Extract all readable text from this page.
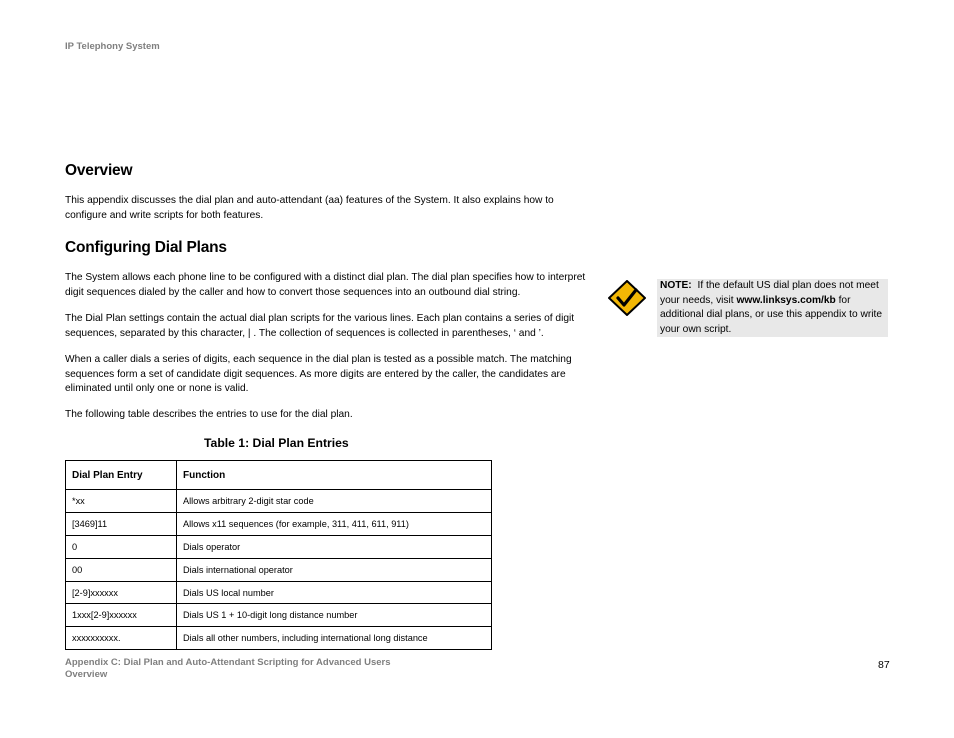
IP Telephony System
Overview

This appendix discusses the dial plan and auto-attendant (aa) features of the System. It also explains how to configure and write scripts for both features.

Configuring Dial Plans

The System allows each phone line to be configured with a distinct dial plan. The dial plan specifies how to interpret digit sequences dialed by the caller and how to convert those sequences into an outbound dial string.

The Dial Plan settings contain the actual dial plan scripts for the various lines. Each plan contains a series of digit sequences, separated by this character, | . The collection of sequences is collected in parentheses, ‘ and ’.

When a caller dials a series of digits, each sequence in the dial plan is tested as a possible match. The matching sequences form a set of candidate digit sequences. As more digits are entered by the caller, the candidates are eliminated until only one or none is valid.

The following table describes the entries to use for the dial plan.

Table 1: Dial Plan Entries
Dial Plan Entry	Function
*xx	Allows arbitrary 2-digit star code
[3469]11	Allows x11 sequences (for example, 311, 411, 611, 911)
0	Dials operator
00	Dials international operator
[2-9]xxxxxx	Dials US local number
1xxx[2-9]xxxxxx	Dials US 1 + 10-digit long distance number
xxxxxxxxxx.	Dials all other numbers, including international long distance
NOTE: If the default US dial plan does not meet your needs, visit www.linksys.com/kb for additional dial plans, or use this appendix to write your own script.
Appendix C: Dial Plan and Auto-Attendant Scripting for Advanced Users
Overview
87
